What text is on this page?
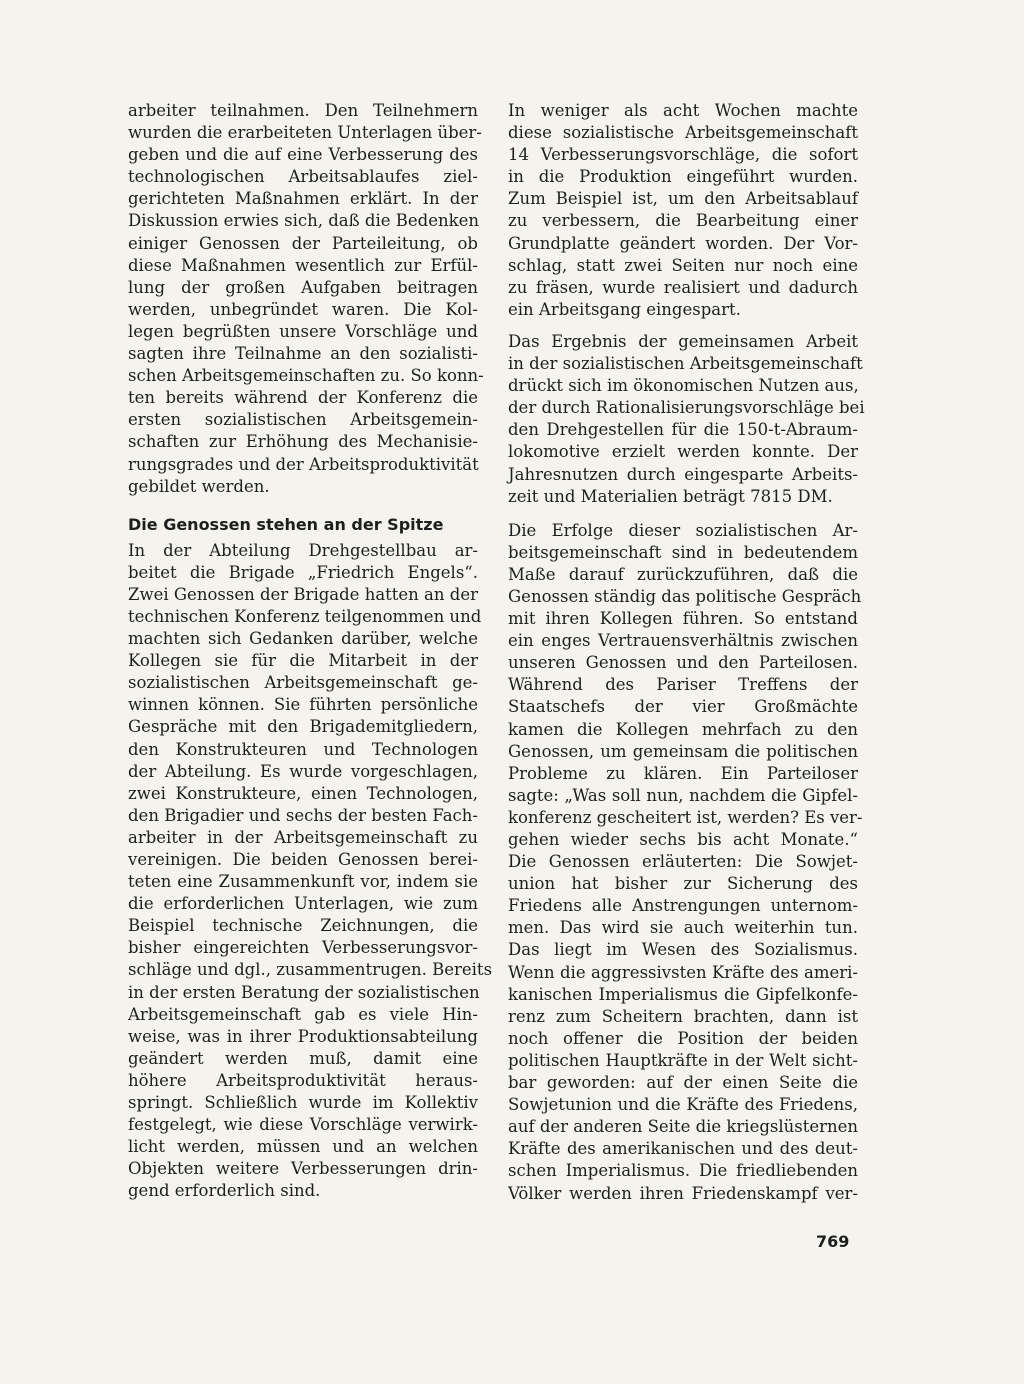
arbeiter teilnahmen. Den Teilnehmern
wurden die erarbeiteten Unterlagen über-
geben und die auf eine Verbesserung des
technologischen Arbeitsablaufes ziel-
gerichteten Maßnahmen erklärt. In der
Diskussion erwies sich, daß die Bedenken
einiger Genossen der Parteileitung, ob
diese Maßnahmen wesentlich zur Erfül-
lung der großen Aufgaben beitragen
werden, unbegründet waren. Die Kol-
legen begrüßten unsere Vorschläge und
sagten ihre Teilnahme an den sozialisti-
schen Arbeitsgemeinschaften zu. So konn-
ten bereits während der Konferenz die
ersten sozialistischen Arbeitsgemein-
schaften zur Erhöhung des Mechanisie-
rungsgrades und der Arbeitsproduktivität
gebildet werden.
Die Genossen stehen an der Spitze
In der Abteilung Drehgestellbau ar-
beitet die Brigade „Friedrich Engels“.
Zwei Genossen der Brigade hatten an der
technischen Konferenz teilgenommen und
machten sich Gedanken darüber, welche
Kollegen sie für die Mitarbeit in der
sozialistischen Arbeitsgemeinschaft ge-
winnen können. Sie führten persönliche
Gespräche mit den Brigademitgliedern,
den Konstrukteuren und Technologen
der Abteilung. Es wurde vorgeschlagen,
zwei Konstrukteure, einen Technologen,
den Brigadier und sechs der besten Fach-
arbeiter in der Arbeitsgemeinschaft zu
vereinigen. Die beiden Genossen berei-
teten eine Zusammenkunft vor, indem sie
die erforderlichen Unterlagen, wie zum
Beispiel technische Zeichnungen, die
bisher eingereichten Verbesserungsvor-
schläge und dgl., zusammentrugen. Bereits
in der ersten Beratung der sozialistischen
Arbeitsgemeinschaft gab es viele Hin-
weise, was in ihrer Produktionsabteilung
geändert werden muß, damit eine
höhere Arbeitsproduktivität heraus-
springt. Schließlich wurde im Kollektiv
festgelegt, wie diese Vorschläge verwirk-
licht werden, müssen und an welchen
Objekten weitere Verbesserungen drin-
gend erforderlich sind.
In weniger als acht Wochen machte
diese sozialistische Arbeitsgemeinschaft
14 Verbesserungsvorschläge, die sofort
in die Produktion eingeführt wurden.
Zum Beispiel ist, um den Arbeitsablauf
zu verbessern, die Bearbeitung einer
Grundplatte geändert worden. Der Vor-
schlag, statt zwei Seiten nur noch eine
zu fräsen, wurde realisiert und dadurch
ein Arbeitsgang eingespart.
Das Ergebnis der gemeinsamen Arbeit
in der sozialistischen Arbeitsgemeinschaft
drückt sich im ökonomischen Nutzen aus,
der durch Rationalisierungsvorschläge bei
den Drehgestellen für die 150-t-Abraum-
lokomotive erzielt werden konnte. Der
Jahresnutzen durch eingesparte Arbeits-
zeit und Materialien beträgt 7815 DM.
Die Erfolge dieser sozialistischen Ar-
beitsgemeinschaft sind in bedeutendem
Maße darauf zurückzuführen, daß die
Genossen ständig das politische Gespräch
mit ihren Kollegen führen. So entstand
ein enges Vertrauensverhältnis zwischen
unseren Genossen und den Parteilosen.
Während des Pariser Treffens der
Staatschefs der vier Großmächte
kamen die Kollegen mehrfach zu den
Genossen, um gemeinsam die politischen
Probleme zu klären. Ein Parteiloser
sagte: „Was soll nun, nachdem die Gipfel-
konferenz gescheitert ist, werden? Es ver-
gehen wieder sechs bis acht Monate.“
Die Genossen erläuterten: Die Sowjet-
union hat bisher zur Sicherung des
Friedens alle Anstrengungen unternom-
men. Das wird sie auch weiterhin tun.
Das liegt im Wesen des Sozialismus.
Wenn die aggressivsten Kräfte des ameri-
kanischen Imperialismus die Gipfelkonfe-
renz zum Scheitern brachten, dann ist
noch offener die Position der beiden
politischen Hauptkräfte in der Welt sicht-
bar geworden: auf der einen Seite die
Sowjetunion und die Kräfte des Friedens,
auf der anderen Seite die kriegslüsternen
Kräfte des amerikanischen und des deut-
schen Imperialismus. Die friedliebenden
Völker werden ihren Friedenskampf ver-
769
